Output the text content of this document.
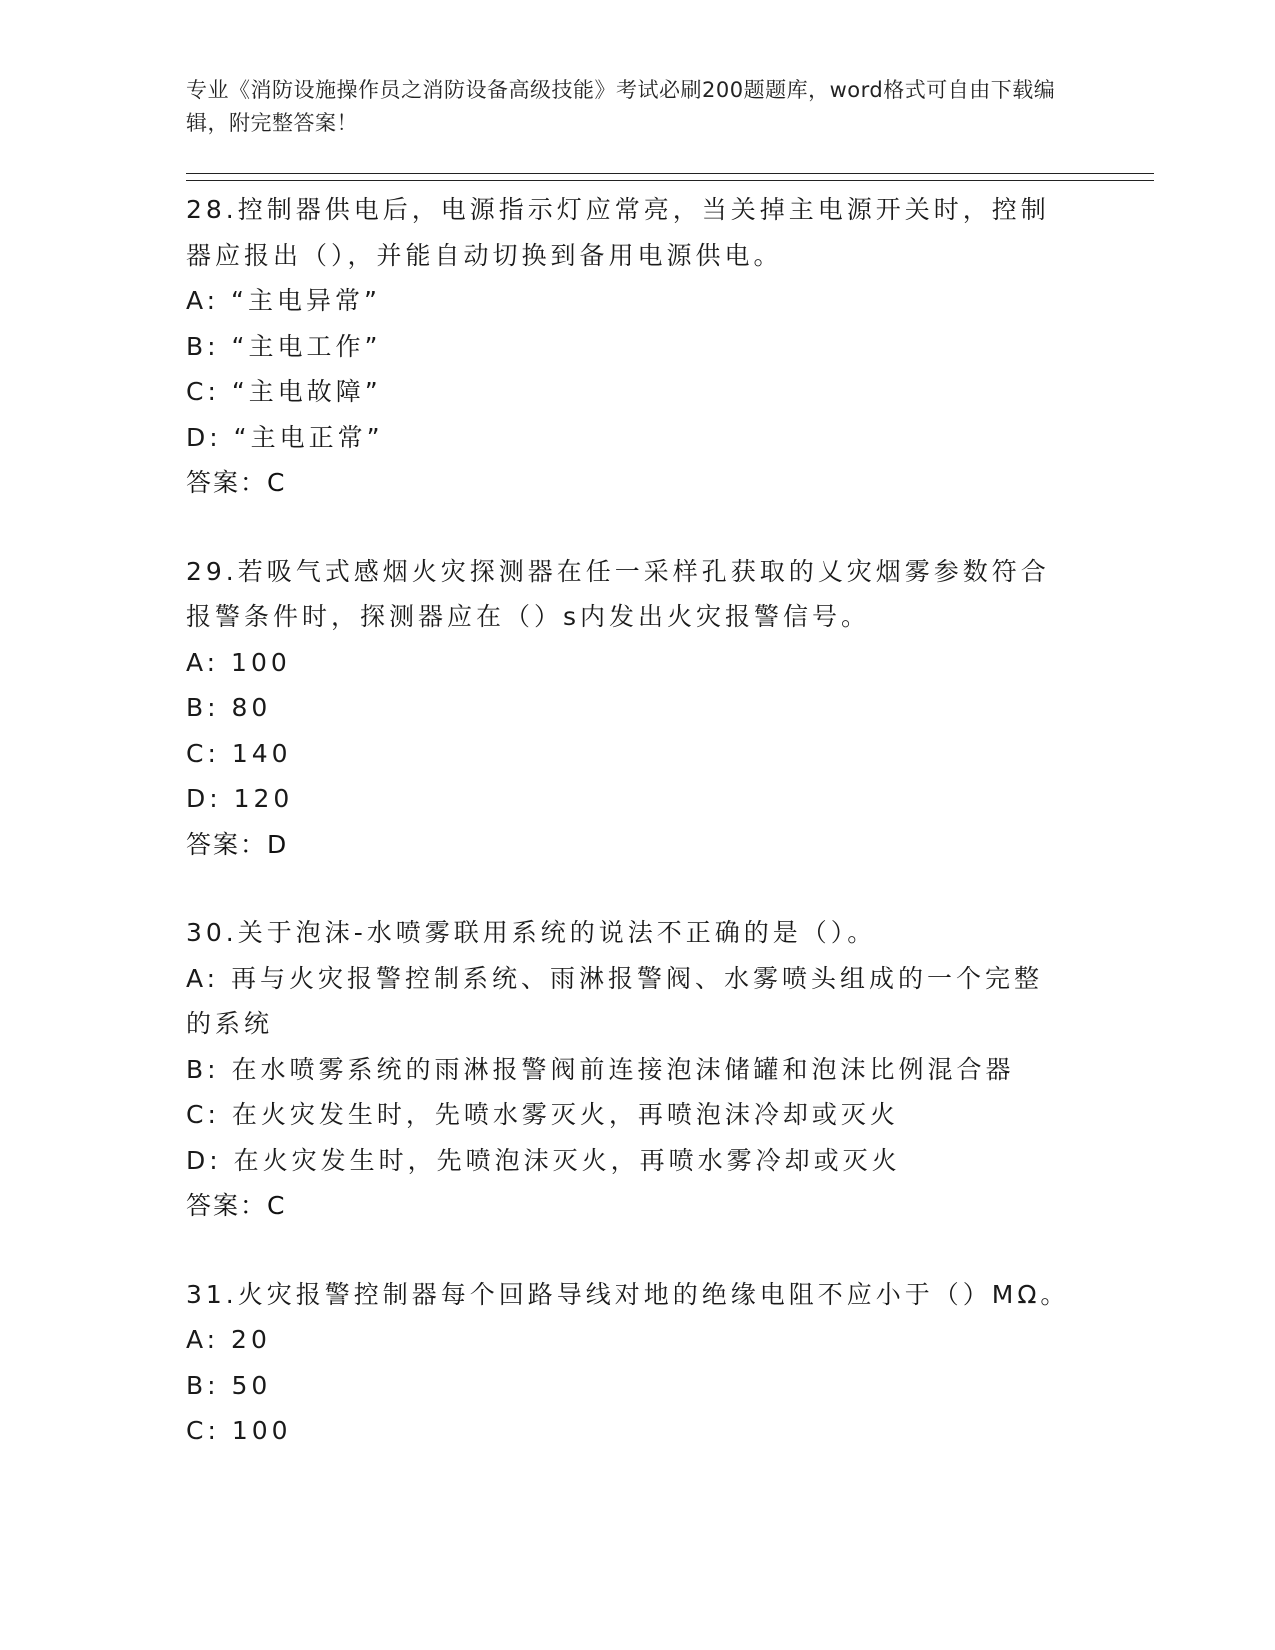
专业《消防设施操作员之消防设备高级技能》考试必刷200题题库，word格式可自由下载编辑，附完整答案！
28.控制器供电后，电源指示灯应常亮，当关掉主电源开关时，控制器应报出（），并能自动切换到备用电源供电。
A: “主电异常”
B: “主电工作”
C: “主电故障”
D: “主电正常”
答案：C
29.若吸气式感烟火灾探测器在任一采样孔获取的乂灾烟雾参数符合报警条件时，探测器应在（）s内发出火灾报警信号。
A: 100
B: 80
C: 140
D: 120
答案：D
30.关于泡沫-水喷雾联用系统的说法不正确的是（）。
A: 再与火灾报警控制系统、雨淋报警阀、水雾喷头组成的一个完整的系统
B: 在水喷雾系统的雨淋报警阀前连接泡沫储罐和泡沫比例混合器
C: 在火灾发生时，先喷水雾灭火，再喷泡沫冷却或灭火
D: 在火灾发生时，先喷泡沫灭火，再喷水雾冷却或灭火
答案：C
31.火灾报警控制器每个回路导线对地的绝缘电阻不应小于（）MΩ。
A: 20
B: 50
C: 100
